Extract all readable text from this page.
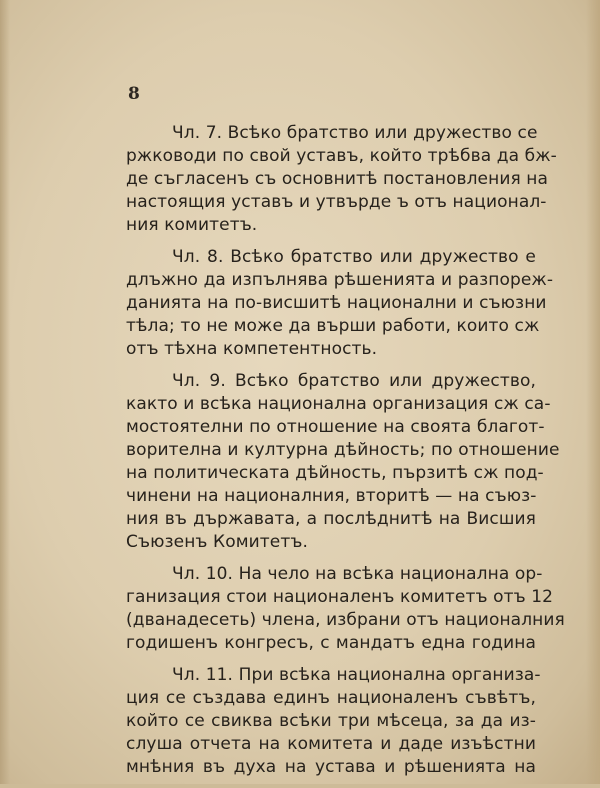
8
Чл. 7. Всѣко братство или дружество се
ржководи по свой уставъ, който трѣбва да бж-
де съгласенъ съ основнитѣ постановления на
настоящия уставъ и утвърде ъ отъ национал-
ния комитетъ.
Чл. 8. Всѣко братство или дружество е
длъжно да изпълнява рѣшенията и разпореж-
данията на по-висшитѣ национални и съюзни
тѣла; то не може да върши работи, които сж
отъ тѣхна компетентность.
Чл. 9. Всѣко братство или дружество,
както и всѣка национална организация сж са-
мостоятелни по отношение на своята благот-
ворителна и културна дѣйность; по отношение
на политическата дѣйность, пързитѣ сж под-
чинени на националния, вторитѣ — на съюз-
ния въ държавата, а послѣднитѣ на Висшия
Съюзенъ Комитетъ.
Чл. 10. На чело на всѣка национална ор-
ганизация стои националенъ комитетъ отъ 12
(дванадесеть) члена, избрани отъ националния
годишенъ конгресъ, с мандатъ една година
Чл. 11. При всѣка национална организа-
ция се създава единъ националенъ съвѣтъ,
който се свиква всѣки три мѣсеца, за да из-
слуша отчета на комитета и даде изъѣстни
мнѣния въ духа на устава и рѣшенията на
